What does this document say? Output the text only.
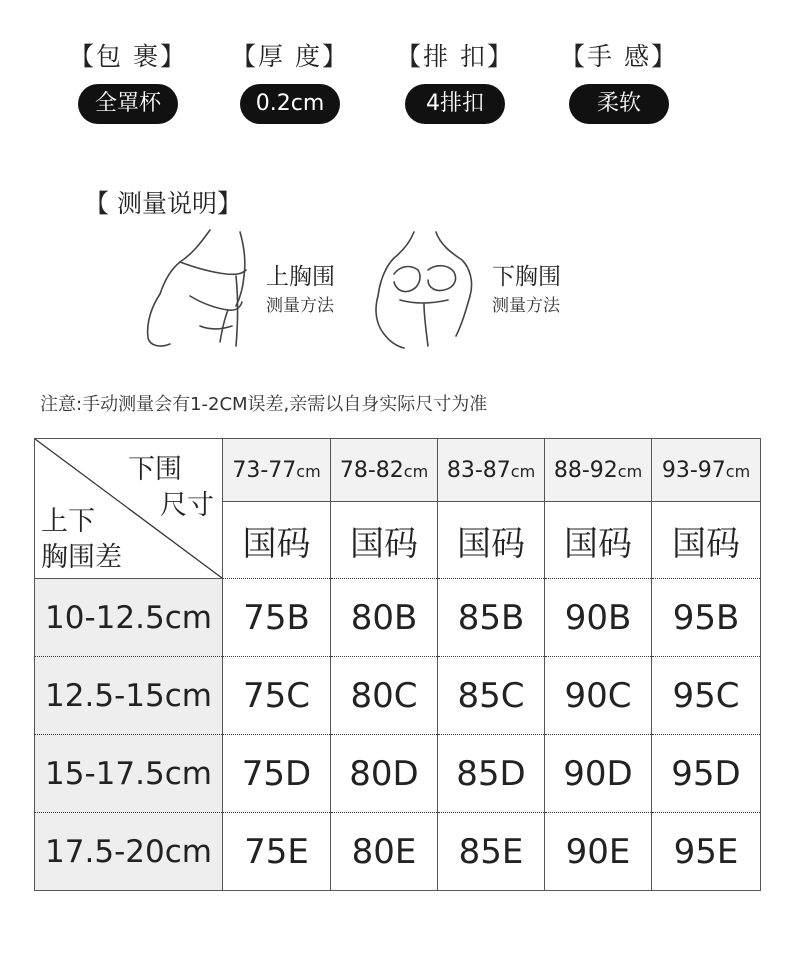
【包 裹】
全罩杯
【厚 度】
0.2cm
【排 扣】
4排扣
【手 感】
柔软
【 测量说明】
上胸围
测量方法
下胸围
测量方法
注意:手动测量会有1-2CM误差,亲需以自身实际尺寸为准
下围
尺寸
上下
胸围差	73-77cm	78-82cm	83-87cm	88-92cm	93-97cm
	国码	国码	国码	国码	国码
10-12.5cm	75B	80B	85B	90B	95B
12.5-15cm	75C	80C	85C	90C	95C
15-17.5cm	75D	80D	85D	90D	95D
17.5-20cm	75E	80E	85E	90E	95E
